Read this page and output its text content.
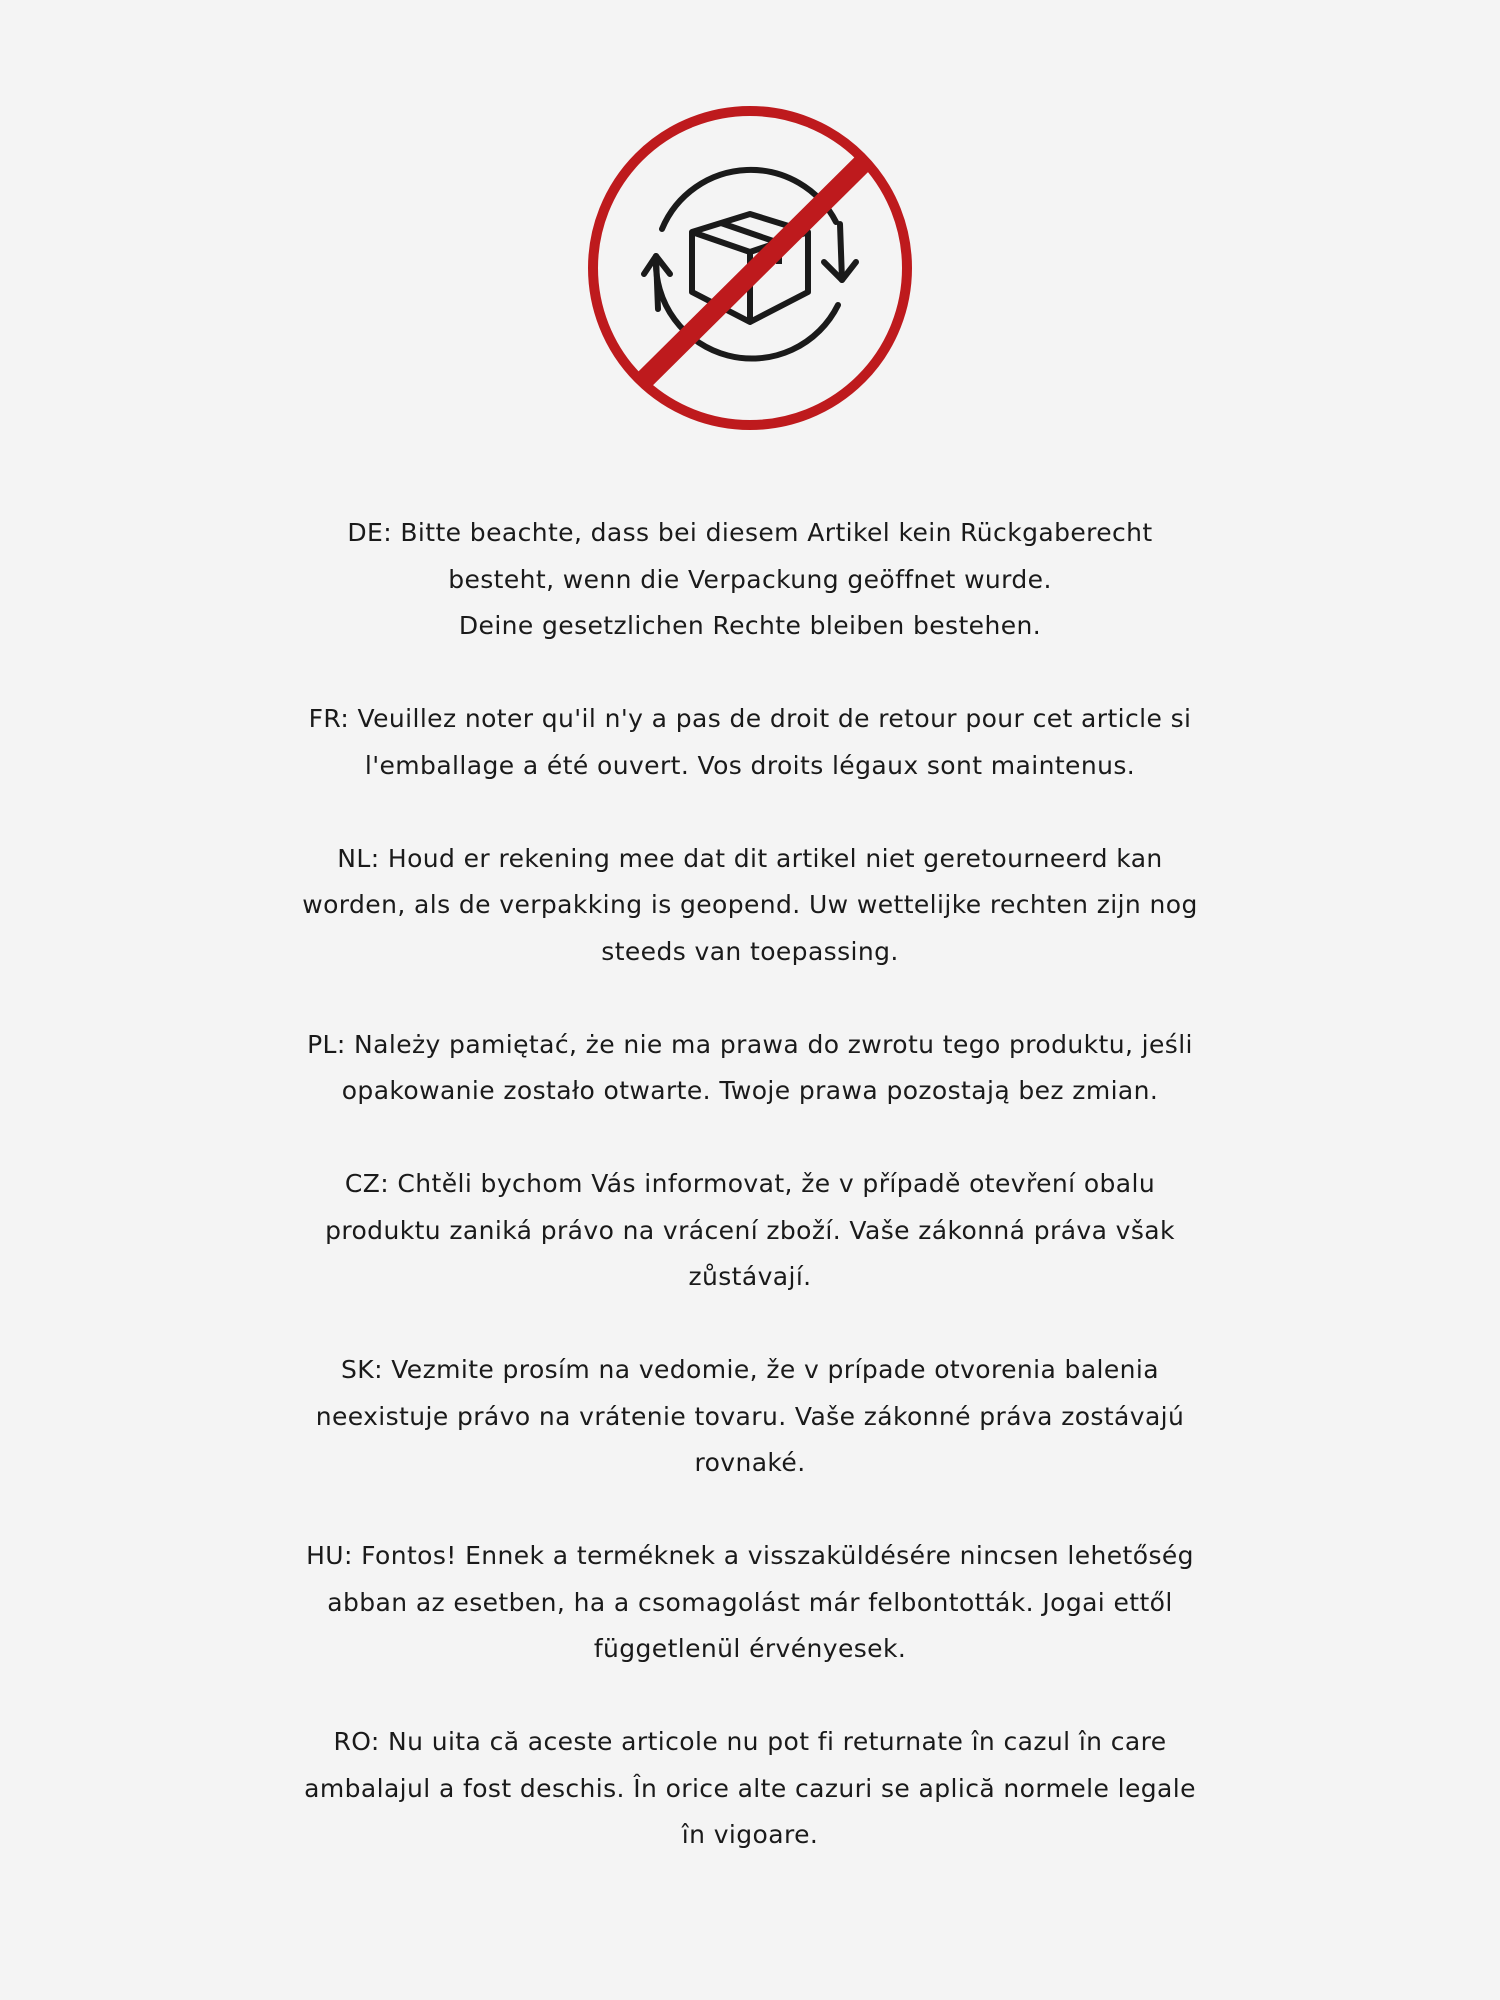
DE: Bitte beachte, dass bei diesem Artikel kein Rückgaberecht
besteht, wenn die Verpackung geöffnet wurde.
Deine gesetzlichen Rechte bleiben bestehen.
FR: Veuillez noter qu'il n'y a pas de droit de retour pour cet article si
l'emballage a été ouvert. Vos droits légaux sont maintenus.
NL: Houd er rekening mee dat dit artikel niet geretourneerd kan
worden, als de verpakking is geopend. Uw wettelijke rechten zijn nog
steeds van toepassing.
PL: Należy pamiętać, że nie ma prawa do zwrotu tego produktu, jeśli
opakowanie zostało otwarte. Twoje prawa pozostają bez zmian.
CZ: Chtěli bychom Vás informovat, že v případě otevření obalu
produktu zaniká právo na vrácení zboží. Vaše zákonná práva však
zůstávají.
SK: Vezmite prosím na vedomie, že v prípade otvorenia balenia
neexistuje právo na vrátenie tovaru. Vaše zákonné práva zostávajú
rovnaké.
HU: Fontos! Ennek a terméknek a visszaküldésére nincsen lehetőség
abban az esetben, ha a csomagolást már felbontották. Jogai ettől
függetlenül érvényesek.
RO: Nu uita că aceste articole nu pot fi returnate în cazul în care
ambalajul a fost deschis. În orice alte cazuri se aplică normele legale
în vigoare.
